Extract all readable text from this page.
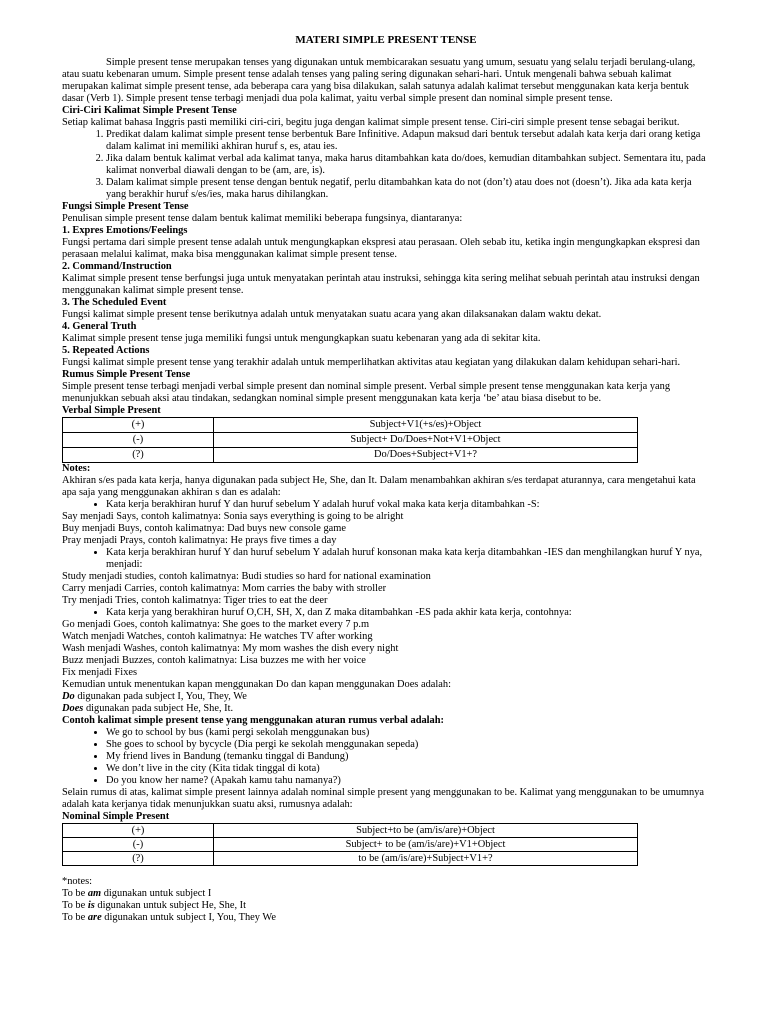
MATERI SIMPLE PRESENT TENSE

Simple present tense merupakan tenses yang digunakan untuk membicarakan sesuatu yang umum, sesuatu yang selalu terjadi berulang-ulang, atau suatu kebenaran umum. Simple present tense adalah tenses yang paling sering digunakan sehari-hari. Untuk mengenali bahwa sebuah kalimat merupakan kalimat simple present tense, ada beberapa cara yang bisa dilakukan, salah satunya adalah kalimat tersebut menggunakan kata kerja bentuk dasar (Verb 1). Simple present tense terbagi menjadi dua pola kalimat, yaitu verbal simple present dan nominal simple present tense.

Ciri-Ciri Kalimat Simple Present Tense

Setiap kalimat bahasa Inggris pasti memiliki ciri-ciri, begitu juga dengan kalimat simple present tense. Ciri-ciri simple present tense sebagai berikut.

1. Predikat dalam kalimat simple present tense berbentuk Bare Infinitive. Adapun maksud dari bentuk tersebut adalah kata kerja dari orang ketiga dalam kalimat ini memiliki akhiran huruf s, es, atau ies.
2. Jika dalam bentuk kalimat verbal ada kalimat tanya, maka harus ditambahkan kata do/does, kemudian ditambahkan subject. Sementara itu, pada kalimat nonverbal diawali dengan to be (am, are, is).
3. Dalam kalimat simple present tense dengan bentuk negatif, perlu ditambahkan kata do not (don’t) atau does not (doesn’t). Jika ada kata kerja yang berakhir huruf s/es/ies, maka harus dihilangkan.

Fungsi Simple Present Tense

Penulisan simple present tense dalam bentuk kalimat memiliki beberapa fungsinya, diantaranya:

1. Expres Emotions/Feelings

Fungsi pertama dari simple present tense adalah untuk mengungkapkan ekspresi atau perasaan. Oleh sebab itu, ketika ingin mengungkapkan ekspresi dan perasaan melalui kalimat, maka bisa menggunakan kalimat simple present tense.

2. Command/Instruction

Kalimat simple present tense berfungsi juga untuk menyatakan perintah atau instruksi, sehingga kita sering melihat sebuah perintah atau instruksi dengan menggunakan kalimat simple present tense.

3. The Scheduled Event

Fungsi kalimat simple present tense berikutnya adalah untuk menyatakan suatu acara yang akan dilaksanakan dalam waktu dekat.

4. General Truth

Kalimat simple present tense juga memiliki fungsi untuk mengungkapkan suatu kebenaran yang ada di sekitar kita.

5. Repeated Actions

Fungsi kalimat simple present tense yang terakhir adalah untuk memperlihatkan aktivitas atau kegiatan yang dilakukan dalam kehidupan sehari-hari.

Rumus Simple Present Tense

Simple present tense terbagi menjadi verbal simple present dan nominal simple present. Verbal simple present tense menggunakan kata kerja yang menunjukkan sebuah aksi atau tindakan, sedangkan nominal simple present menggunakan kata kerja ‘be’ atau biasa disebut to be.

Verbal Simple Present

(+)	Subject+V1(+s/es)+Object
(-)	Subject+ Do/Does+Not+V1+Object
(?)	Do/Does+Subject+V1+?

Notes:

Akhiran s/es pada kata kerja, hanya digunakan pada subject He, She, dan It. Dalam menambahkan akhiran s/es terdapat aturannya, cara mengetahui kata apa saja yang menggunakan akhiran s dan es adalah:

• Kata kerja berakhiran huruf Y dan huruf sebelum Y adalah huruf vokal maka kata kerja ditambahkan -S:

Say menjadi Says, contoh kalimatnya: Sonia says everything is going to be alright

Buy menjadi Buys, contoh kalimatnya: Dad buys new console game

Pray menjadi Prays, contoh kalimatnya: He prays five times a day

• Kata kerja berakhiran huruf Y dan huruf sebelum Y adalah huruf konsonan maka kata kerja ditambahkan -IES dan menghilangkan huruf Y nya, menjadi:

Study menjadi studies, contoh kalimatnya: Budi studies so hard for national examination

Carry menjadi Carries, contoh kalimatnya: Mom carries the baby with stroller

Try menjadi Tries, contoh kalimatnya: Tiger tries to eat the deer

• Kata kerja yang berakhiran huruf O,CH, SH, X, dan Z maka ditambahkan -ES pada akhir kata kerja, contohnya:

Go menjadi Goes, contoh kalimatnya: She goes to the market every 7 p.m

Watch menjadi Watches, contoh kalimatnya: He watches TV after working

Wash menjadi Washes, contoh kalimatnya: My mom washes the dish every night

Buzz menjadi Buzzes, contoh kalimatnya: Lisa buzzes me with her voice

Fix menjadi Fixes

Kemudian untuk menentukan kapan menggunakan Do dan kapan menggunakan Does adalah:

Do digunakan pada subject I, You, They, We

Does digunakan pada subject He, She, It.

Contoh kalimat simple present tense yang menggunakan aturan rumus verbal adalah:

• We go to school by bus (kami pergi sekolah menggunakan bus)
• She goes to school by bycycle (Dia pergi ke sekolah menggunakan sepeda)
• My friend lives in Bandung (temanku tinggal di Bandung)
• We don’t live in the city (Kita tidak tinggal di kota)
• Do you know her name? (Apakah kamu tahu namanya?)

Selain rumus di atas, kalimat simple present lainnya adalah nominal simple present yang menggunakan to be. Kalimat yang menggunakan to be umumnya adalah kata kerjanya tidak menunjukkan suatu aksi, rumusnya adalah:

Nominal Simple Present

(+)	Subject+to be (am/is/are)+Object
(-)	Subject+ to be (am/is/are)+V1+Object
(?)	to be (am/is/are)+Subject+V1+?

*notes:

To be am digunakan untuk subject I

To be is digunakan untuk subject He, She, It

To be are digunakan untuk subject I, You, They We
